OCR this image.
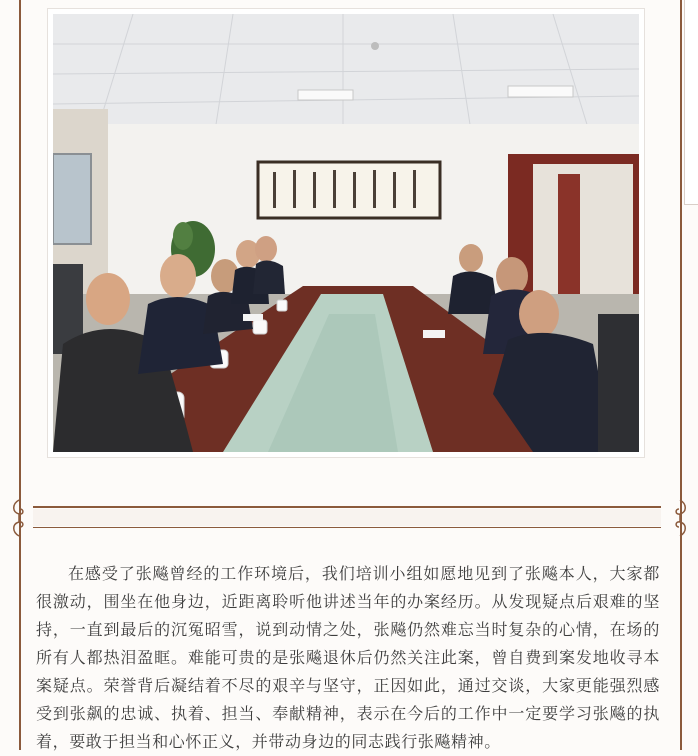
在感受了张飚曾经的工作环境后，我们培训小组如愿地见到了张飚本人，大家都很激动，围坐在他身边，近距离聆听他讲述当年的办案经历。从发现疑点后艰难的坚持，一直到最后的沉冤昭雪，说到动情之处，张飚仍然难忘当时复杂的心情，在场的所有人都热泪盈眶。难能可贵的是张飚退休后仍然关注此案，曾自费到案发地收寻本案疑点。荣誉背后凝结着不尽的艰辛与坚守，正因如此，通过交谈，大家更能强烈感受到张飙的忠诚、执着、担当、奉献精神，表示在今后的工作中一定要学习张飚的执着，要敢于担当和心怀正义，并带动身边的同志践行张飚精神。
